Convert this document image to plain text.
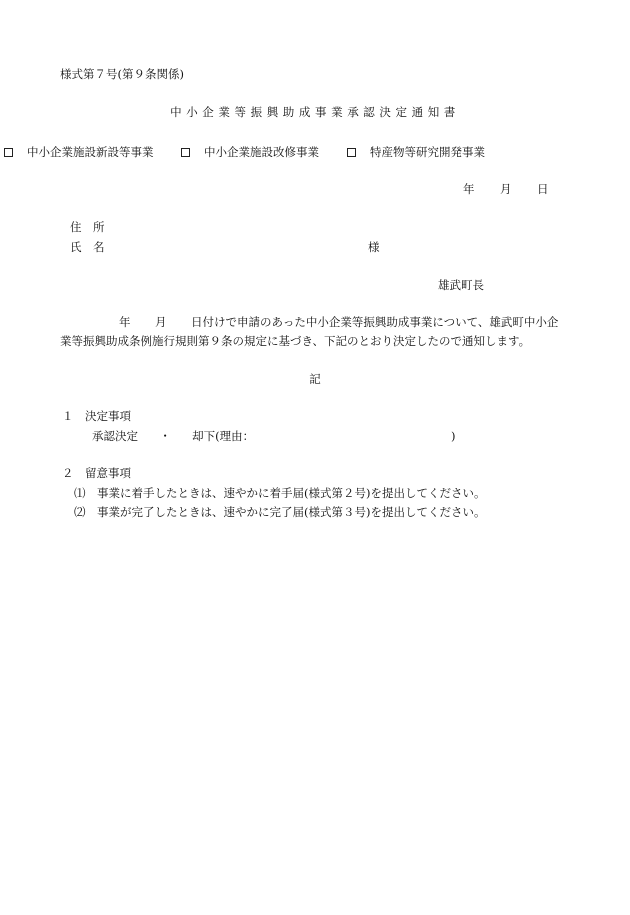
様式第７号(第９条関係)
中小企業等振興助成事業承認決定通知書
中小企業施設新設等事業	中小企業施設改修事業	特産物等研究開発事業
年 月 日
住　所
氏　名	様
雄武町長
年 月 日付けで申請のあった中小企業等振興助成事業について、雄武町中小企
業等振興助成条例施行規則第９条の規定に基づき、下記のとおり決定したので通知します。
記
１　決定事項
承認決定 ・ 却下(理由：	)
２　留意事項
⑴　事業に着手したときは、速やかに着手届(様式第２号)を提出してください。
⑵　事業が完了したときは、速やかに完了届(様式第３号)を提出してください。
